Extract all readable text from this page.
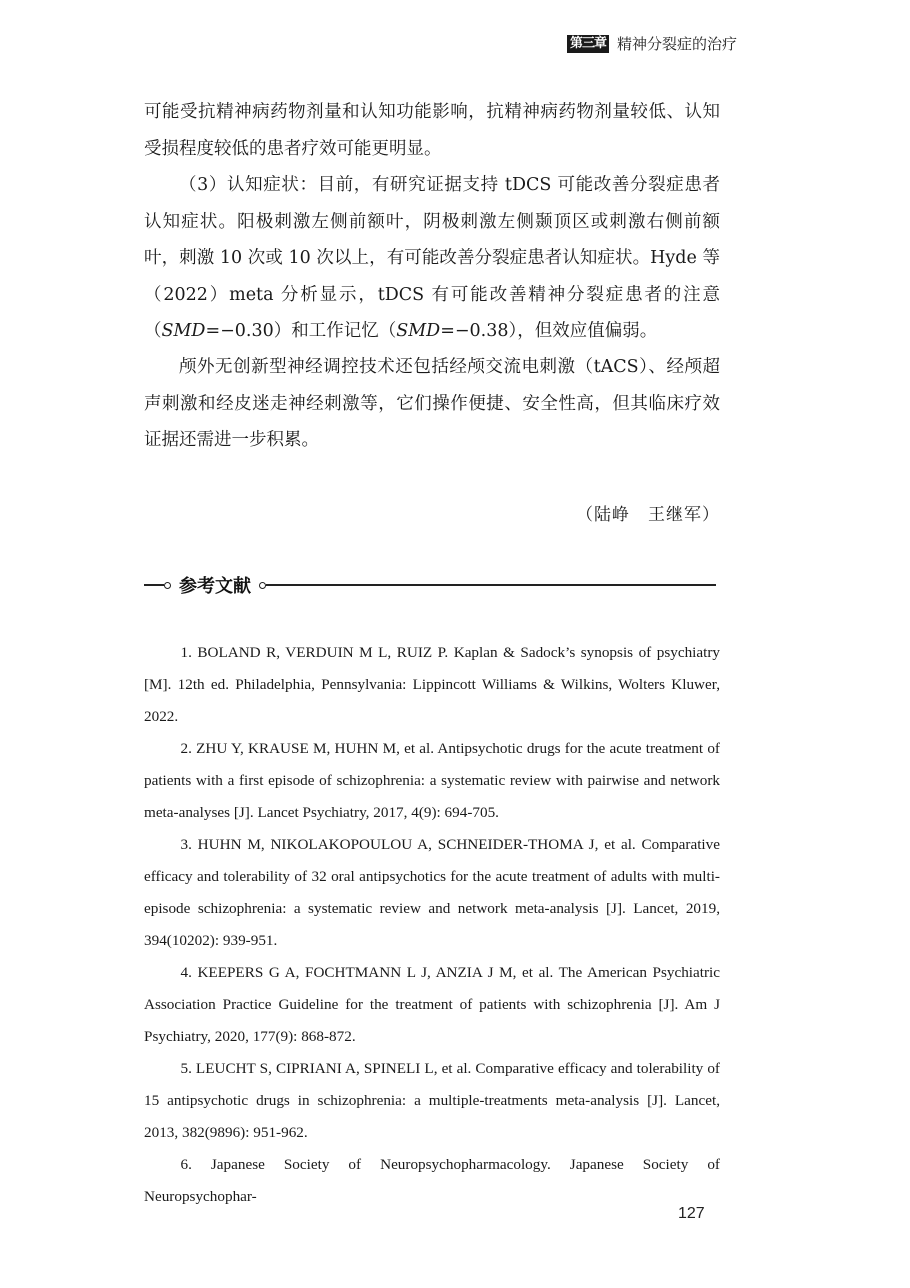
第三章 精神分裂症的治疗

可能受抗精神病药物剂量和认知功能影响，抗精神病药物剂量较低、认知受损程度较低的患者疗效可能更明显。

（3）认知症状：目前，有研究证据支持 tDCS 可能改善分裂症患者认知症状。阳极刺激左侧前额叶，阴极刺激左侧颞顶区或刺激右侧前额叶，刺激 10 次或 10 次以上，有可能改善分裂症患者认知症状。Hyde 等（2022）meta 分析显示，tDCS 有可能改善精神分裂症患者的注意（SMD=−0.30）和工作记忆（SMD=−0.38），但效应值偏弱。

颅外无创新型神经调控技术还包括经颅交流电刺激（tACS）、经颅超声刺激和经皮迷走神经刺激等，它们操作便捷、安全性高，但其临床疗效证据还需进一步积累。

（陆峥　王继军）
参考文献

1. BOLAND R, VERDUIN M L, RUIZ P. Kaplan & Sadock’s synopsis of psychiatry [M]. 12th ed. Philadelphia, Pennsylvania: Lippincott Williams & Wilkins, Wolters Kluwer, 2022.

2. ZHU Y, KRAUSE M, HUHN M, et al. Antipsychotic drugs for the acute treatment of patients with a first episode of schizophrenia: a systematic review with pairwise and network meta-analyses [J]. Lancet Psychiatry, 2017, 4(9): 694-705.

3. HUHN M, NIKOLAKOPOULOU A, SCHNEIDER-THOMA J, et al. Comparative efficacy and tolerability of 32 oral antipsychotics for the acute treatment of adults with multi-episode schizophrenia: a systematic review and network meta-analysis [J]. Lancet, 2019, 394(10202): 939-951.

4. KEEPERS G A, FOCHTMANN L J, ANZIA J M, et al. The American Psychiatric Association Practice Guideline for the treatment of patients with schizophrenia [J]. Am J Psychiatry, 2020, 177(9): 868-872.

5. LEUCHT S, CIPRIANI A, SPINELI L, et al. Comparative efficacy and tolerability of 15 antipsychotic drugs in schizophrenia: a multiple-treatments meta-analysis [J]. Lancet, 2013, 382(9896): 951-962.

6. Japanese Society of Neuropsychopharmacology. Japanese Society of Neuropsychophar-

127
